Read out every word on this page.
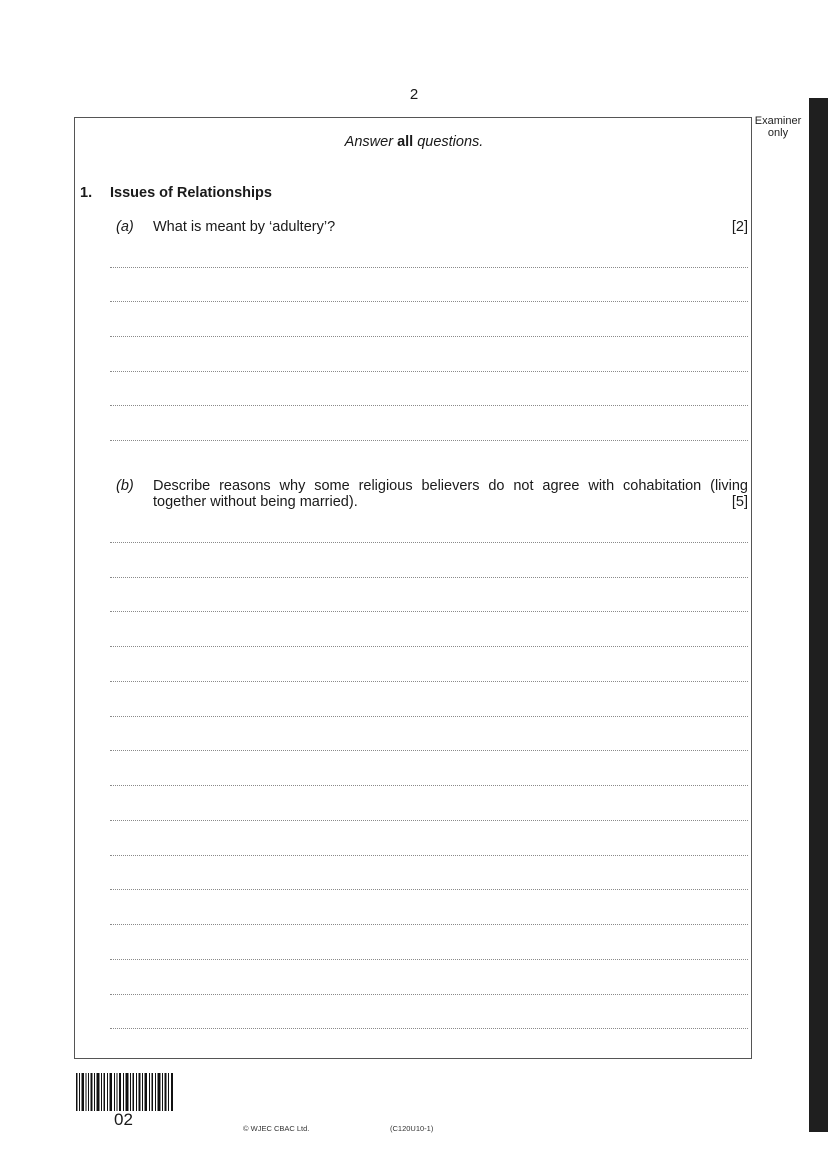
2
Examiner
only
Answer all questions.
1. Issues of Relationships
(a) What is meant by ‘adultery’?	[2]
(b) Describe reasons why some religious believers do not agree with cohabitation (living
together without being married).	[5]
02	© WJEC CBAC Ltd.	(C120U10-1)
